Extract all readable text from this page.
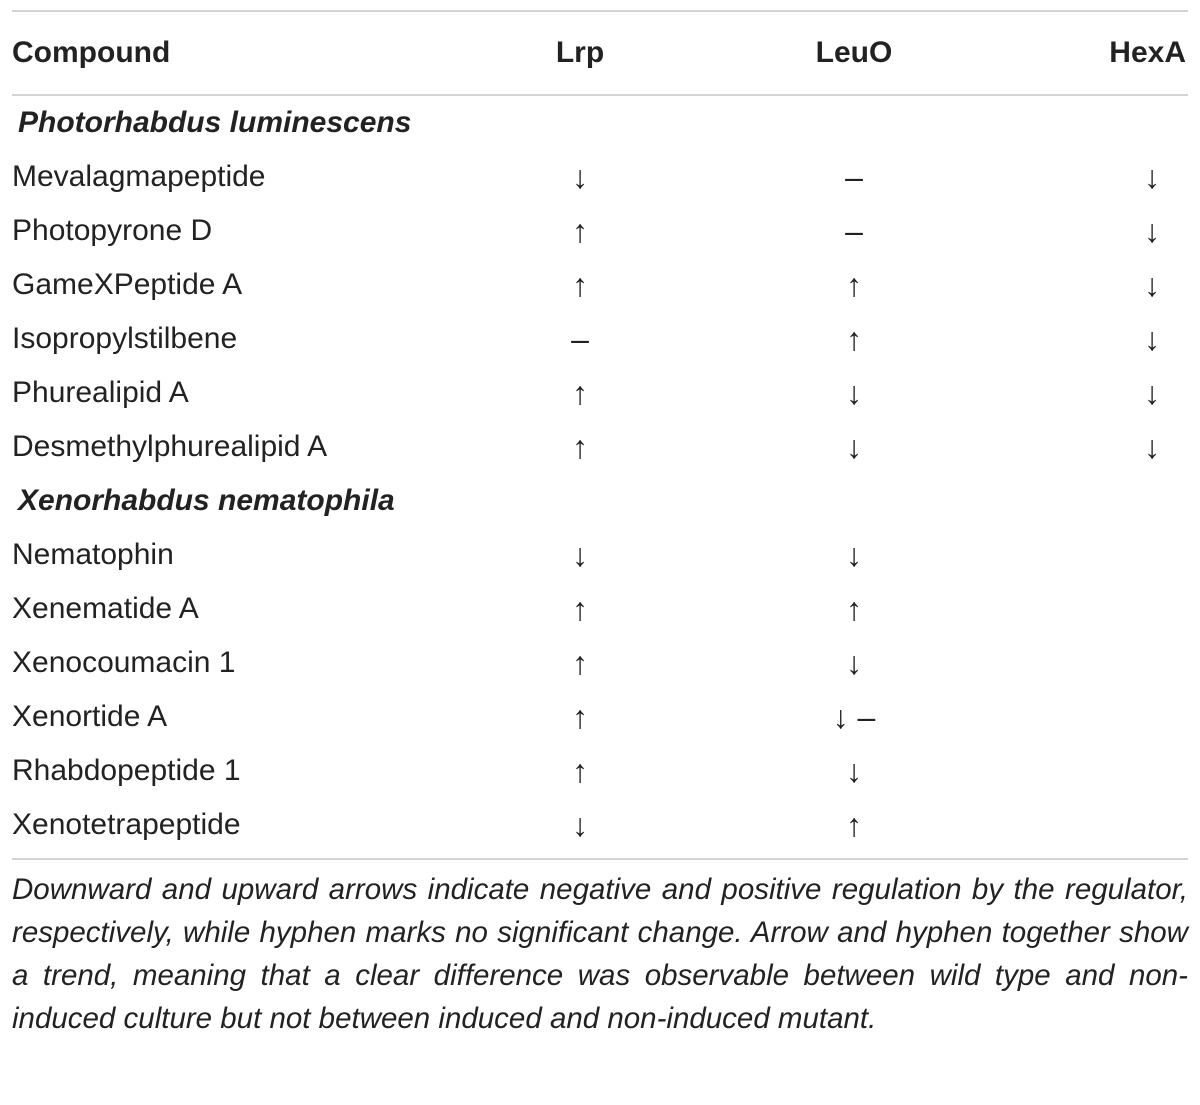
Compound	Lrp	LeuO	HexA
Photorhabdus luminescens
Mevalagmapeptide	↓	–	↓
Photopyrone D	↑	–	↓
GameXPeptide A	↑	↑	↓
Isopropylstilbene	–	↑	↓
Phurealipid A	↑	↓	↓
Desmethylphurealipid A	↑	↓	↓
Xenorhabdus nematophila
Nematophin	↓	↓
Xenematide A	↑	↑
Xenocoumacin 1	↑	↓
Xenortide A	↑	↓ –
Rhabdopeptide 1	↑	↓
Xenotetrapeptide	↓	↑
Downward and upward arrows indicate negative and positive regulation by the regulator, respectively, while hyphen marks no significant change. Arrow and hyphen together show a trend, meaning that a clear difference was observable between wild type and non-induced culture but not between induced and non-induced mutant.
